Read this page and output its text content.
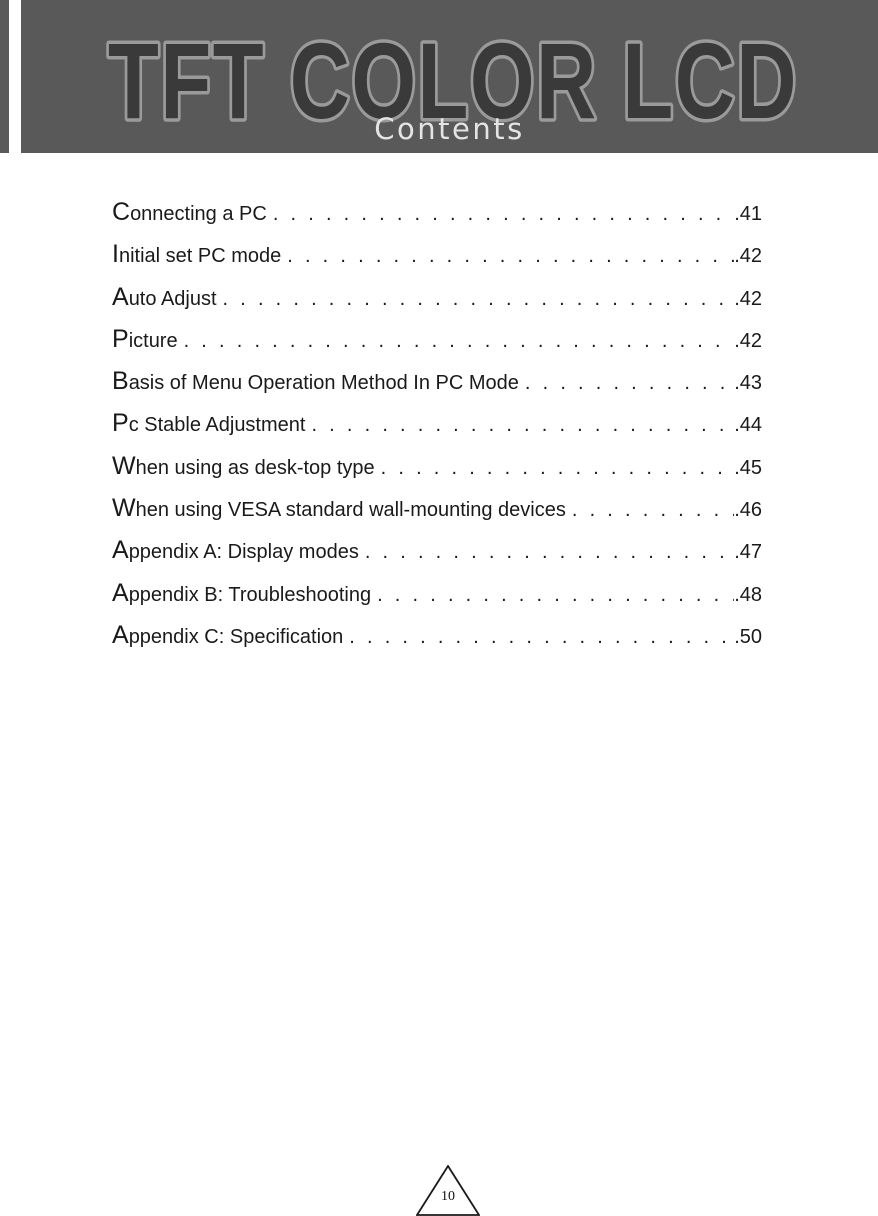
TFT COLOR LCD
Contents
Connecting a PC . . .	.41
Initial set PC mode . . .	.42
Auto Adjust . . .	.42
Picture . . .	.42
Basis of Menu Operation Method In PC Mode . . .	.43
Pc Stable Adjustment . . .	.44
When using as desk-top type . . .	.45
When using VESA standard wall-mounting devices . . .	.46
Appendix A: Display modes . . .	.47
Appendix B: Troubleshooting . . .	.48
Appendix C: Specification . . .	.50
10
